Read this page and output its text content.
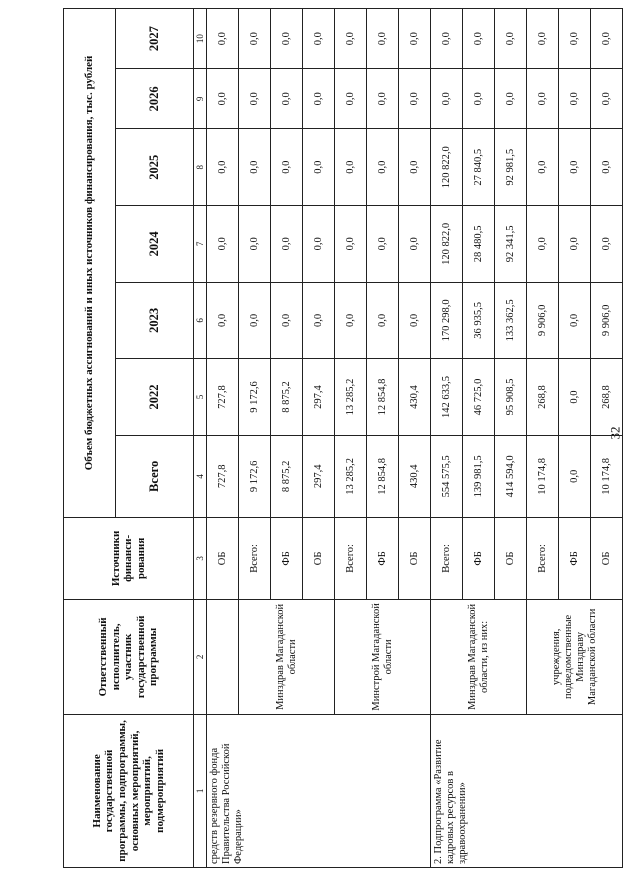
32
Наименование государственной программы, подпрограммы, основных мероприятий, мероприятий, подмероприятий	Ответственный исполнитель, участник государственной программы	Источники финанси-рования	Объем бюджетных ассигнований и иных источников финансирования, тыс. рублей						
			Всего	2022	2023	2024	2025	2026	2027
1	2	3	4	5	6	7	8	9	10
средств резервного фонда Правительства Российской Федерации»		ОБ	727,8	727,8	0,0	0,0	0,0	0,0	0,0
	Минздрав Магаданской области	Всего:	9 172,6	9 172,6	0,0	0,0	0,0	0,0	0,0
		ФБ	8 875,2	8 875,2	0,0	0,0	0,0	0,0	0,0
		ОБ	297,4	297,4	0,0	0,0	0,0	0,0	0,0
	Минстрой Магаданской области	Всего:	13 285,2	13 285,2	0,0	0,0	0,0	0,0	0,0
		ФБ	12 854,8	12 854,8	0,0	0,0	0,0	0,0	0,0
		ОБ	430,4	430,4	0,0	0,0	0,0	0,0	0,0
2. Подпрограмма «Развитие кадровых ресурсов в здравоохранении»	Минздрав Магаданской области, из них:	Всего:	554 575,5	142 633,5	170 298,0	120 822,0	120 822,0	0,0	0,0
		ФБ	139 981,5	46 725,0	36 935,5	28 480,5	27 840,5	0,0	0,0
		ОБ	414 594,0	95 908,5	133 362,5	92 341,5	92 981,5	0,0	0,0
	учреждения, подведомственные Минздраву Магаданской области	Всего:	10 174,8	268,8	9 906,0	0,0	0,0	0,0	0,0
		ФБ	0,0	0,0	0,0	0,0	0,0	0,0	0,0
		ОБ	10 174,8	268,8	9 906,0	0,0	0,0	0,0	0,0
